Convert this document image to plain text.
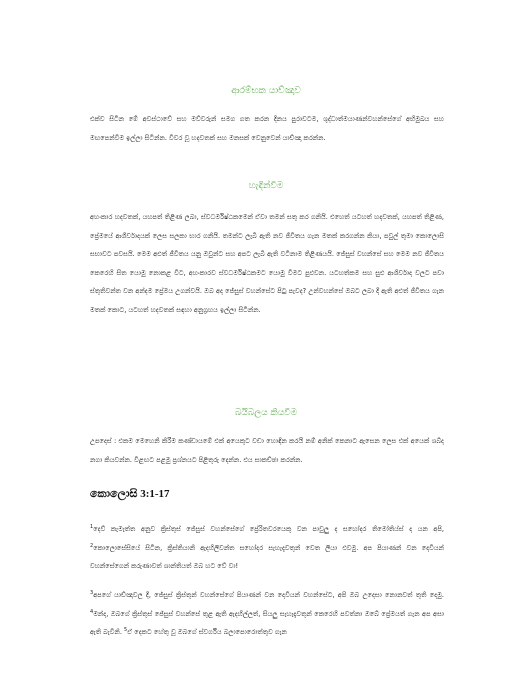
ආරම්භක යාච්ඤාව

එක්ව සිටින මේ අවස්ථාවේ සහ මව්වරුන් සමග ගත කරන දිනය පුරාවටම, ශුද්ධාත්මයාණන්වහන්සේගේ අභිමුඛය සහ මඟපෙන්වීම ඉල්ලා සිටින්න. විවර වූ හදවතක් සහ මනසක් වෙනුවෙන් යාච්ඤා කරන්න.

හැඳින්වීම

අහංකාර හදවතක්, යහපත් තිළිණ ලබා, ස්වධර්මිෂ්ඨකමෙන් ඒවා තමන් සතු කර ගනියි. එහෙත් යටහත් හදවතක්, යහපත් තිළිණ, ප්‍රේමයේ ආශීර්වාදයක් ලෙස සලකා භාර ගනියි. තමන්ට ලැබී ඇති නව ජීවිතය ගැන මතක් කරගන්න කියා, පවුල් තුමා කොලොසි සභාවට පවසයි. මෙම අළුත් ජීවිතය යනු ඔවුන්ට සහ අපට ලැබී ඇති වටිනාම තිළිණයයි. ජේසුස් වහන්සේ සහ මෙම නව ජීවිතය කෙරෙහි සිත යොමු නොකළ විට, අහංකාරව ස්වධර්මිෂ්ඨකමට යොමු වීමට පුළුවන. යටහත්කම සහ සුළු ආශිර්වාද වලට පවා ස්තුතිවන්ත වන අන්දම ප්‍රේමය උගන්වයි. ඔබ අද ජේසුස් වහන්සේට පිටු පැවද? උන්වහන්සේ ඔබට ලබා දී ඇති අළුත් ජීවිතය ගැන මතක් කොට, යටහත් හදවතක් සඳහා අනුග්‍රහය ඉල්ලා සිටින්න.

බයිබලය කියවීම

උපදෙස් : එකම මෙහෙනි කිරීම කණ්ඩායමේ එක් අයෙකුට වඩා හොඳින කරයි නම් අනික් කෙනාට ඇසෙන ලෙස එක් අයෙක් ශබ්ද නගා කියවන්න. විළඟට පළමු ප්‍රශ්නයට පිළිතුරු දෙන්න. එය සාකච්ඡා කරන්න.

කොලොසි 3:1-17

$^1$දෙව් කැමැත්ත අනුව ක්‍රිස්තුස් ජේසුස් වහන්සේගේ ප්‍රේරිතවරයෙකු වන පාවුලු ද සහෝදර තිමෝතිය්ස් ද යන අපි, $^2$කොලොසේසියේ සිටින, ක්‍රිස්තියානි ඇදහිලිවන්ත සහෝදර සැහැදැවතුන් වෙත ලියා එවමු. අප පියාණන් වන දෙවියන් වහන්සේගෙන් කරුණාවත් ශාන්තියත් ඔබ හට වේ වා!

$^3$අපගේ යාච්ඤාවල දී, ජේසුස් ක්‍රිස්තුන් වහන්සේගේ පියාණන් වන දෙවියන් වහන්සේට, අපි ඔබ උදෙසා නොනවත් තුති දෙමු. $^4$මන්ද, ඔබගේ ක්‍රිස්තුස් ජේසුස් වහන්සේ තුළ ඇති ඇදහිල්ලත්, සියලු සැහැදැවතුන් කෙරෙහි පවත්නා ඔබේ ප්‍රේමයත් ගැන අප අසා ඇති බැවිනි. $^5$ඒ දෙකට හේතු වූ ඔබගේ ස්වර්ගීය බලාපොරොත්තුව ගැන
